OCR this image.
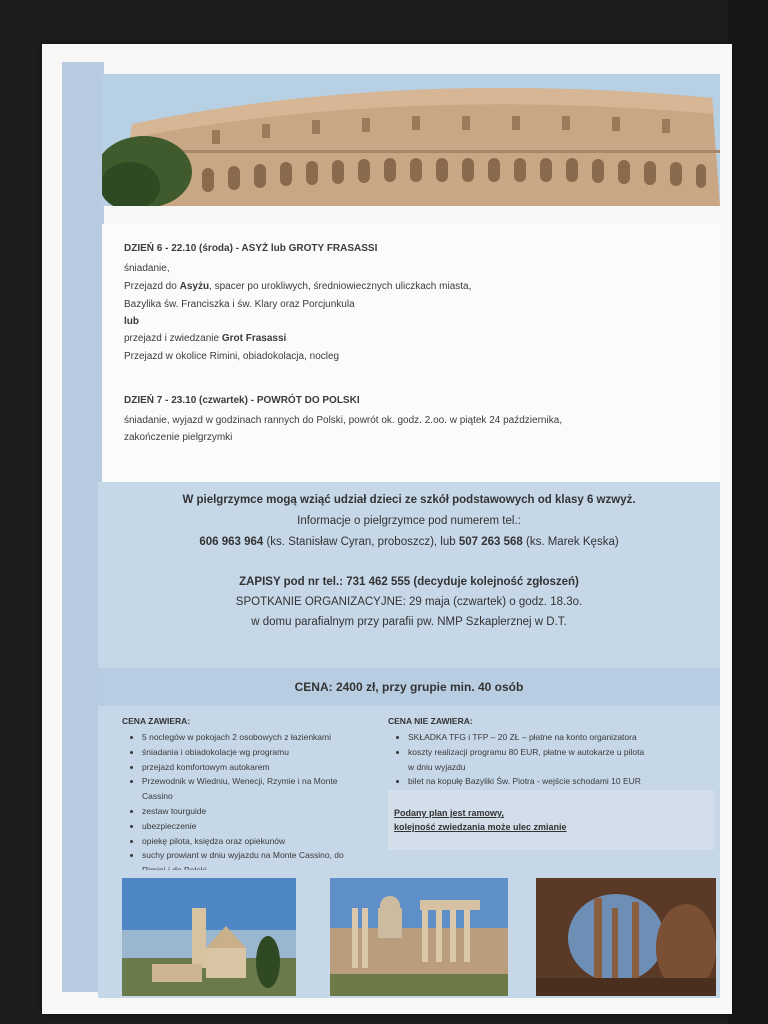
DZIEŃ 6 - 22.10 (środa) - ASYŻ lub GROTY FRASASSI
śniadanie,
Przejazd do Asyżu, spacer po urokliwych, średniowiecznych uliczkach miasta,
Bazylika św. Franciszka i św. Klary oraz Porcjunkula
lub
przejazd i zwiedzanie Grot Frasassi
Przejazd w okolice Rimini, obiadokolacja, nocleg
DZIEŃ 7 - 23.10 (czwartek) - POWRÓT DO POLSKI
śniadanie, wyjazd w godzinach rannych do Polski, powrót ok. godz. 2.oo. w piątek 24 października,
zakończenie pielgrzymki

W pielgrzymce mogą wziąć udział dzieci ze szkół podstawowych od klasy 6 wzwyż.

Informacje o pielgrzymce pod numerem tel.:

606 963 964 (ks. Stanisław Cyran, proboszcz), lub 507 263 568 (ks. Marek Kęska)

ZAPISY pod nr tel.: 731 462 555 (decyduje kolejność zgłoszeń)

SPOTKANIE ORGANIZACYJNE: 29 maja (czwartek) o godz. 18.3o.

w domu parafialnym przy parafii pw. NMP Szkaplerznej w D.T.

CENA: 2400 zł, przy grupie min. 40 osób

CENA ZAWIERA:
• 5 noclegów w pokojach 2 osobowych z łazienkami
• śniadania i obiadokolacje wg programu
• przejazd komfortowym autokarem
• Przewodnik w Wiedniu, Wenecji, Rzymie i na Monte Cassino
• zestaw tourguide
• ubezpieczenie
• opiekę pilota, księdza oraz opiekunów
• suchy prowiant w dniu wyjazdu na Monte Cassino, do
CENA NIE ZAWIERA:
• SKŁADKA TFG i TFP – 20 ZŁ – płatne na konto organizatora
• koszty realizacji programu 80 EUR, płatne w autokarze u pilota w dniu wyjazdu
• bilet na kopułę Bazyliki Św. Piotra - wejście schodami 10 EUR

Podany plan jest ramowy,
kolejność zwiedzania może ulec zmianie
